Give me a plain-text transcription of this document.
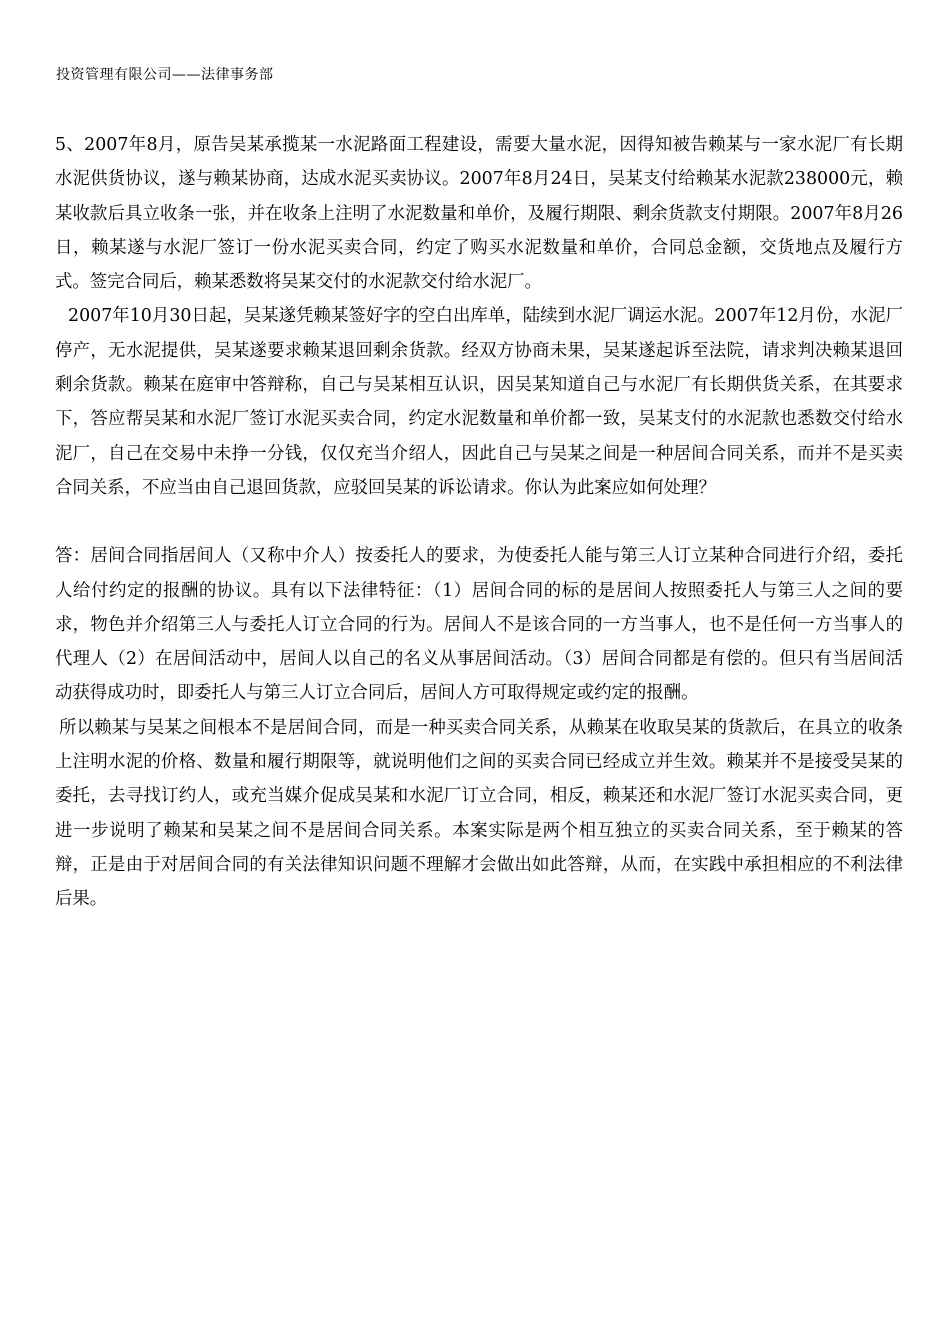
投资管理有限公司——法律事务部

5、2007年8月，原告吴某承揽某一水泥路面工程建设，需要大量水泥，因得知被告赖某与一家水泥厂有长期水泥供货协议，遂与赖某协商，达成水泥买卖协议。2007年8月24日，吴某支付给赖某水泥款238000元，赖某收款后具立收条一张，并在收条上注明了水泥数量和单价，及履行期限、剩余货款支付期限。2007年8月26日，赖某遂与水泥厂签订一份水泥买卖合同，约定了购买水泥数量和单价，合同总金额，交货地点及履行方式。签完合同后，赖某悉数将吴某交付的水泥款交付给水泥厂。

2007年10月30日起，吴某遂凭赖某签好字的空白出库单，陆续到水泥厂调运水泥。2007年12月份，水泥厂停产，无水泥提供，吴某遂要求赖某退回剩余货款。经双方协商未果，吴某遂起诉至法院，请求判决赖某退回剩余货款。赖某在庭审中答辩称，自己与吴某相互认识，因吴某知道自己与水泥厂有长期供货关系，在其要求下，答应帮吴某和水泥厂签订水泥买卖合同，约定水泥数量和单价都一致，吴某支付的水泥款也悉数交付给水泥厂，自己在交易中未挣一分钱，仅仅充当介绍人，因此自己与吴某之间是一种居间合同关系，而并不是买卖合同关系，不应当由自己退回货款，应驳回吴某的诉讼请求。你认为此案应如何处理？

答：居间合同指居间人（又称中介人）按委托人的要求，为使委托人能与第三人订立某种合同进行介绍，委托人给付约定的报酬的协议。具有以下法律特征：（1）居间合同的标的是居间人按照委托人与第三人之间的要求，物色并介绍第三人与委托人订立合同的行为。居间人不是该合同的一方当事人，也不是任何一方当事人的代理人（2）在居间活动中，居间人以自己的名义从事居间活动。（3）居间合同都是有偿的。但只有当居间活动获得成功时，即委托人与第三人订立合同后，居间人方可取得规定或约定的报酬。

所以赖某与吴某之间根本不是居间合同，而是一种买卖合同关系，从赖某在收取吴某的货款后，在具立的收条上注明水泥的价格、数量和履行期限等，就说明他们之间的买卖合同已经成立并生效。赖某并不是接受吴某的委托，去寻找订约人，或充当媒介促成吴某和水泥厂订立合同，相反，赖某还和水泥厂签订水泥买卖合同，更进一步说明了赖某和吴某之间不是居间合同关系。本案实际是两个相互独立的买卖合同关系，至于赖某的答辩，正是由于对居间合同的有关法律知识问题不理解才会做出如此答辩，从而，在实践中承担相应的不利法律后果。
